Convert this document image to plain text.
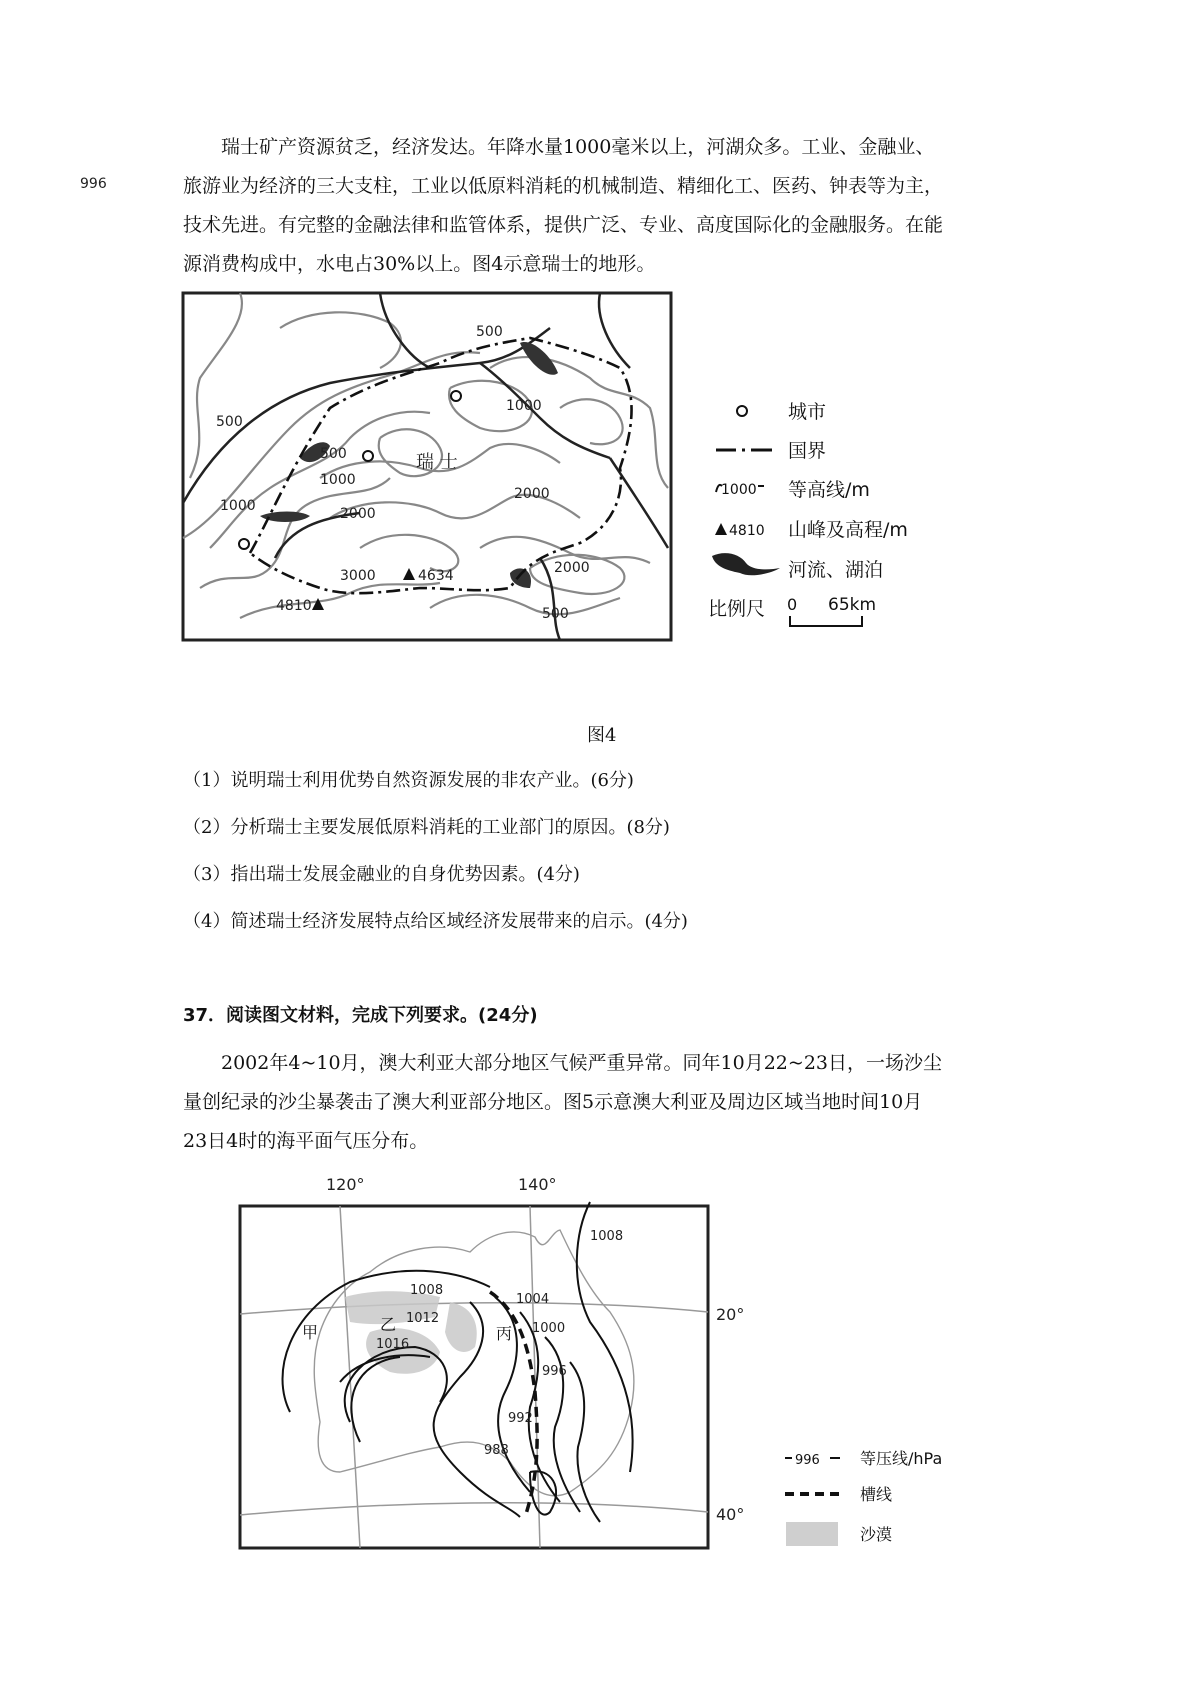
瑞士矿产资源贫乏，经济发达。年降水量1000毫米以上，河湖众多。工业、金融业、

旅游业为经济的三大支柱，工业以低原料消耗的机械制造、精细化工、医药、钟表等为主，

技术先进。有完整的金融法律和监管体系，提供广泛、专业、高度国际化的金融服务。在能

源消费构成中，水电占30%以上。图4示意瑞士的地形。

996
4810
4634
瑞 士
500
500
500
500
1000
1000
1000	2000
2000
2000
3000
城市
国界
1000 等高线/m
4810 山峰及高程/m
河流、湖泊
比例尺 0 65km
图4
（1）说明瑞士利用优势自然资源发展的非农产业。(6分)
（2）分析瑞士主要发展低原料消耗的工业部门的原因。(8分)
（3）指出瑞士发展金融业的自身优势因素。(4分)
（4）简述瑞士经济发展特点给区域经济发展带来的启示。(4分)
37．阅读图文材料，完成下列要求。(24分)

2002年4~10月，澳大利亚大部分地区气候严重异常。同年10月22~23日，一场沙尘

量创纪录的沙尘暴袭击了澳大利亚部分地区。图5示意澳大利亚及周边区域当地时间10月

23日4时的海平面气压分布。

120°	140°
1008
1008
1012
1016
1004
1000
996
992
988
甲	乙	丙
20°
40°
996	等压线/hPa
槽线
沙漠
